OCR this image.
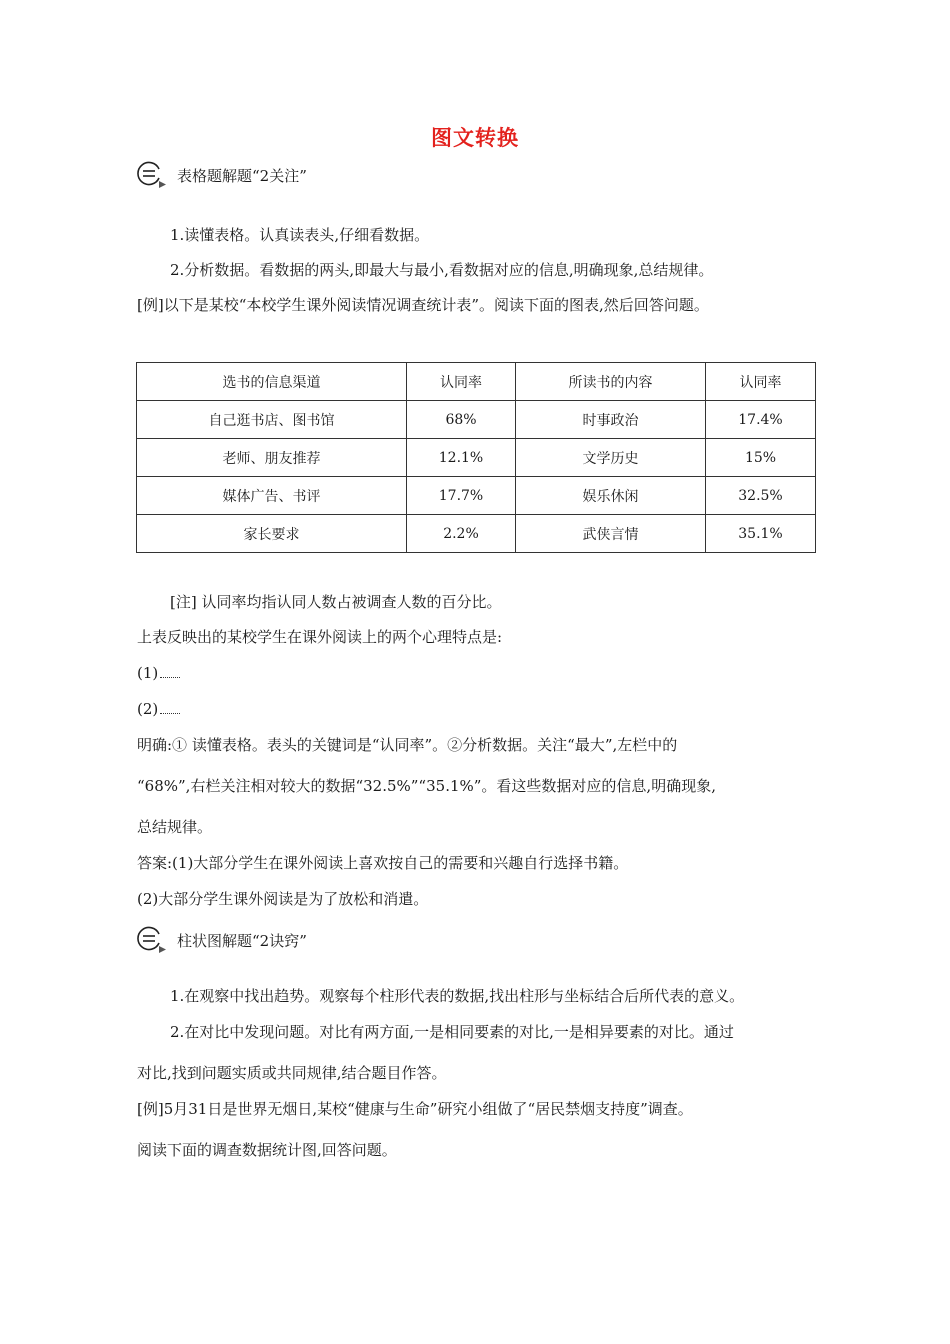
图文转换
表格题解题“2关注”
1.读懂表格。认真读表头,仔细看数据。
2.分析数据。看数据的两头,即最大与最小,看数据对应的信息,明确现象,总结规律。
[例]以下是某校“本校学生课外阅读情况调查统计表”。阅读下面的图表,然后回答问题。
选书的信息渠道	认同率	所读书的内容	认同率
自己逛书店、图书馆	68%	时事政治	17.4%
老师、朋友推荐	12.1%	文学历史	15%
媒体广告、书评	17.7%	娱乐休闲	32.5%
家长要求	2.2%	武侠言情	35.1%
[注] 认同率均指认同人数占被调查人数的百分比。
上表反映出的某校学生在课外阅读上的两个心理特点是:
(1)
(2)
明确:① 读懂表格。表头的关键词是“认同率”。②分析数据。关注“最大”,左栏中的
“68%”,右栏关注相对较大的数据“32.5%”“35.1%”。看这些数据对应的信息,明确现象,
总结规律。
答案:(1)大部分学生在课外阅读上喜欢按自己的需要和兴趣自行选择书籍。
(2)大部分学生课外阅读是为了放松和消遣。
柱状图解题“2诀窍”
1.在观察中找出趋势。观察每个柱形代表的数据,找出柱形与坐标结合后所代表的意义。
2.在对比中发现问题。对比有两方面,一是相同要素的对比,一是相异要素的对比。通过
对比,找到问题实质或共同规律,结合题目作答。
[例]5月31日是世界无烟日,某校“健康与生命”研究小组做了“居民禁烟支持度”调查。
阅读下面的调查数据统计图,回答问题。
